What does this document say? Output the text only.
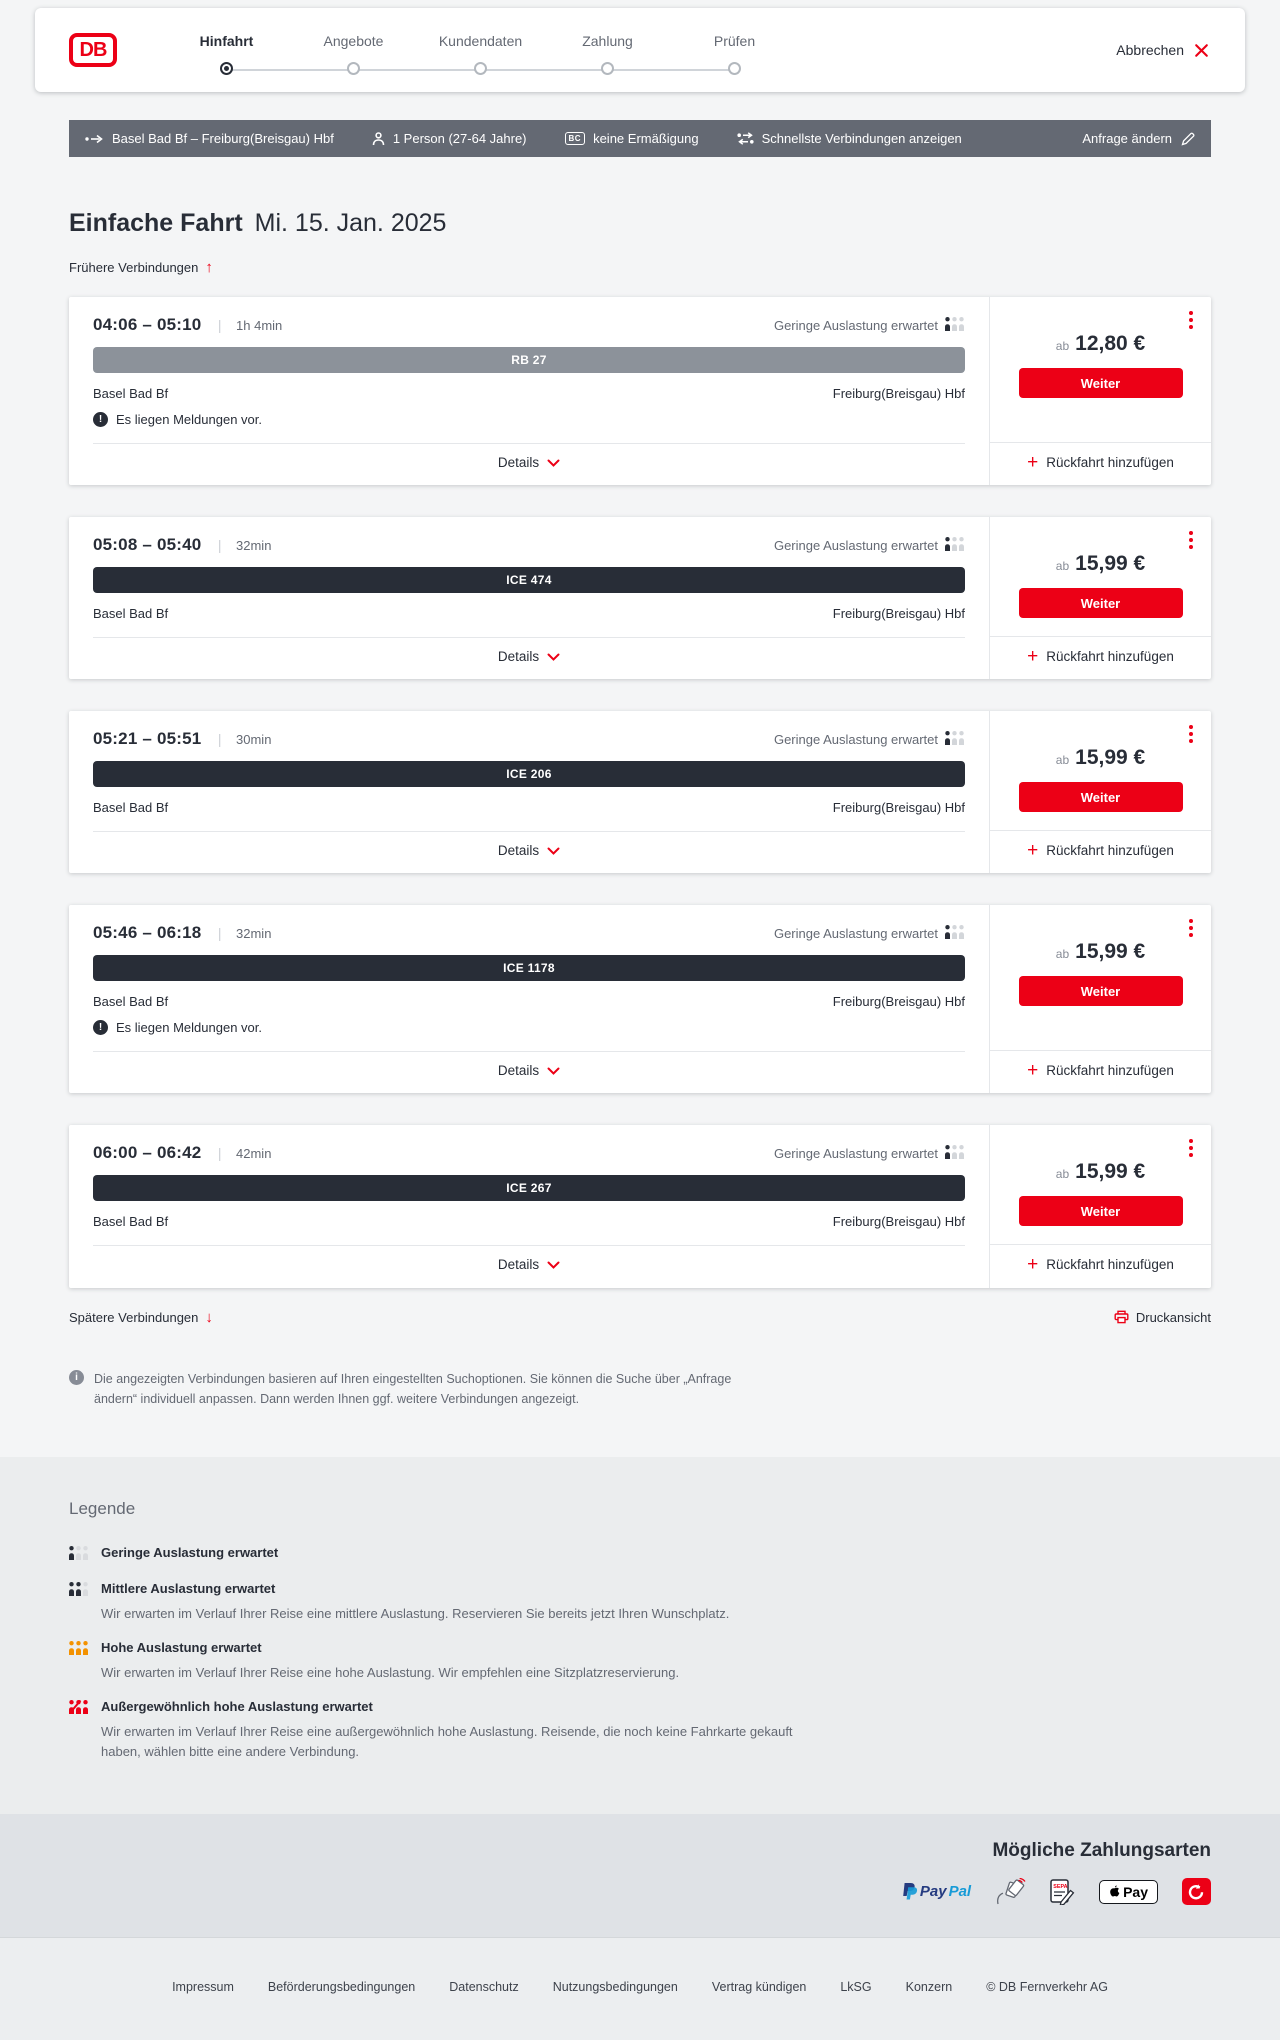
DB	Hinfahrt	Angebote	Kundendaten	Zahlung	Prüfen
Abbrechen
Basel Bad Bf – Freiburg(Breisgau) Hbf	1 Person (27-64 Jahre)	BC keine Ermäßigung	Schnellste Verbindungen anzeigen	Anfrage ändern
Einfache Fahrt Mi. 15. Jan. 2025
Frühere Verbindungen ↑
04:06 – 05:10 | 1h 4min	Geringe Auslastung erwartet
RB 27
Basel Bad Bf	Freiburg(Breisgau) Hbf
!	Es liegen Meldungen vor.
Details
ab 12,80 €
Weiter
+ Rückfahrt hinzufügen
05:08 – 05:40 | 32min	Geringe Auslastung erwartet
ICE 474
Basel Bad Bf	Freiburg(Breisgau) Hbf
Details
ab 15,99 €
Weiter
+ Rückfahrt hinzufügen
05:21 – 05:51 | 30min	Geringe Auslastung erwartet
ICE 206
Basel Bad Bf	Freiburg(Breisgau) Hbf
Details
ab 15,99 €
Weiter
+ Rückfahrt hinzufügen
05:46 – 06:18 | 32min	Geringe Auslastung erwartet
ICE 1178
Basel Bad Bf	Freiburg(Breisgau) Hbf
!	Es liegen Meldungen vor.
Details
ab 15,99 €
Weiter
+ Rückfahrt hinzufügen
06:00 – 06:42 | 42min	Geringe Auslastung erwartet
ICE 267
Basel Bad Bf	Freiburg(Breisgau) Hbf
Details
ab 15,99 €
Weiter
+ Rückfahrt hinzufügen
Spätere Verbindungen ↓	Druckansicht
i	Die angezeigten Verbindungen basieren auf Ihren eingestellten Suchoptionen. Sie können die Suche über „Anfrage ändern“ individuell anpassen. Dann werden Ihnen ggf. weitere Verbindungen angezeigt.

Legende
Geringe Auslastung erwartet
Mittlere Auslastung erwartet

Wir erwarten im Verlauf Ihrer Reise eine mittlere Auslastung. Reservieren Sie bereits jetzt Ihren Wunschplatz.

Hohe Auslastung erwartet

Wir erwarten im Verlauf Ihrer Reise eine hohe Auslastung. Wir empfehlen eine Sitzplatzreservierung.

Außergewöhnlich hohe Auslastung erwartet

Wir erwarten im Verlauf Ihrer Reise eine außergewöhnlich hohe Auslastung. Reisende, die noch keine Fahrkarte gekauft haben, wählen bitte eine andere Verbindung.

Mögliche Zahlungsarten
Pay Pal	SEPA	Pay
Impressum	Beförderungsbedingungen	Datenschutz	Nutzungsbedingungen	Vertrag kündigen	LkSG	Konzern	© DB Fernverkehr AG
